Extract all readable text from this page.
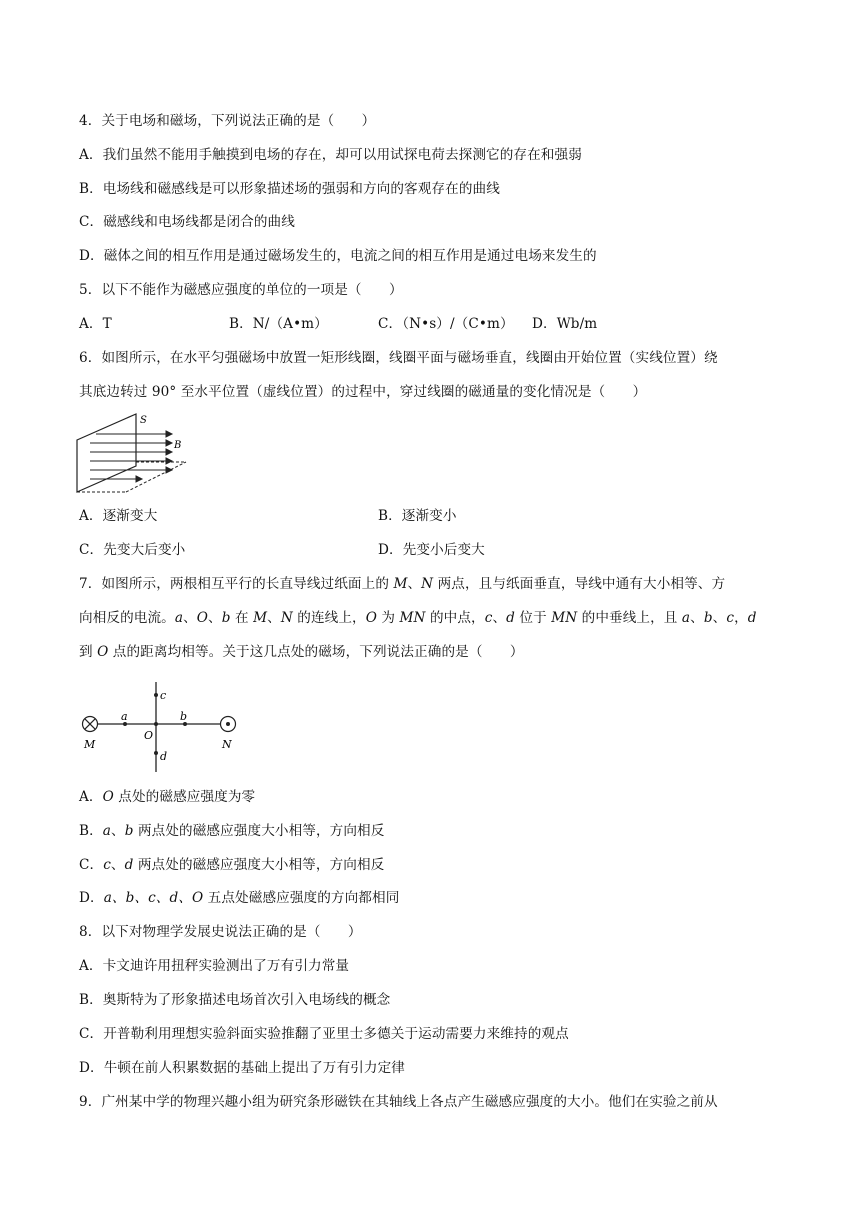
4．关于电场和磁场，下列说法正确的是（　　）
A．我们虽然不能用手触摸到电场的存在，却可以用试探电荷去探测它的存在和强弱
B．电场线和磁感线是可以形象描述场的强弱和方向的客观存在的曲线
C．磁感线和电场线都是闭合的曲线
D．磁体之间的相互作用是通过磁场发生的，电流之间的相互作用是通过电场来发生的
5．以下不能作为磁感应强度的单位的一项是（　　）
A．T	B．N/（A•m）	C．（N•s）/（C•m） D．Wb/m
6．如图所示，在水平匀强磁场中放置一矩形线圈，线圈平面与磁场垂直，线圈由开始位置（实线位置）绕
其底边转过 90° 至水平位置（虚线位置）的过程中，穿过线圈的磁通量的变化情况是（　　）
S
B
A．逐渐变大	B．逐渐变小
C．先变大后变小	D．先变小后变大
7．如图所示，两根相互平行的长直导线过纸面上的 M、N 两点，且与纸面垂直，导线中通有大小相等、方
向相反的电流。a、O、b 在 M、N 的连线上，O 为 MN 的中点，c、d 位于 MN 的中垂线上，且 a、b、c，d
到 O 点的距离均相等。关于这几点处的磁场，下列说法正确的是（　　）
a	b
c
d
O
M	N
A．O 点处的磁感应强度为零
B．a、b 两点处的磁感应强度大小相等，方向相反
C．c、d 两点处的磁感应强度大小相等，方向相反
D．a、b、c、d、O 五点处磁感应强度的方向都相同
8．以下对物理学发展史说法正确的是（　　）
A．卡文迪许用扭秤实验测出了万有引力常量
B．奥斯特为了形象描述电场首次引入电场线的概念
C．开普勒利用理想实验斜面实验推翻了亚里士多德关于运动需要力来维持的观点
D．牛顿在前人积累数据的基础上提出了万有引力定律
9．广州某中学的物理兴趣小组为研究条形磁铁在其轴线上各点产生磁感应强度的大小。他们在实验之前从
